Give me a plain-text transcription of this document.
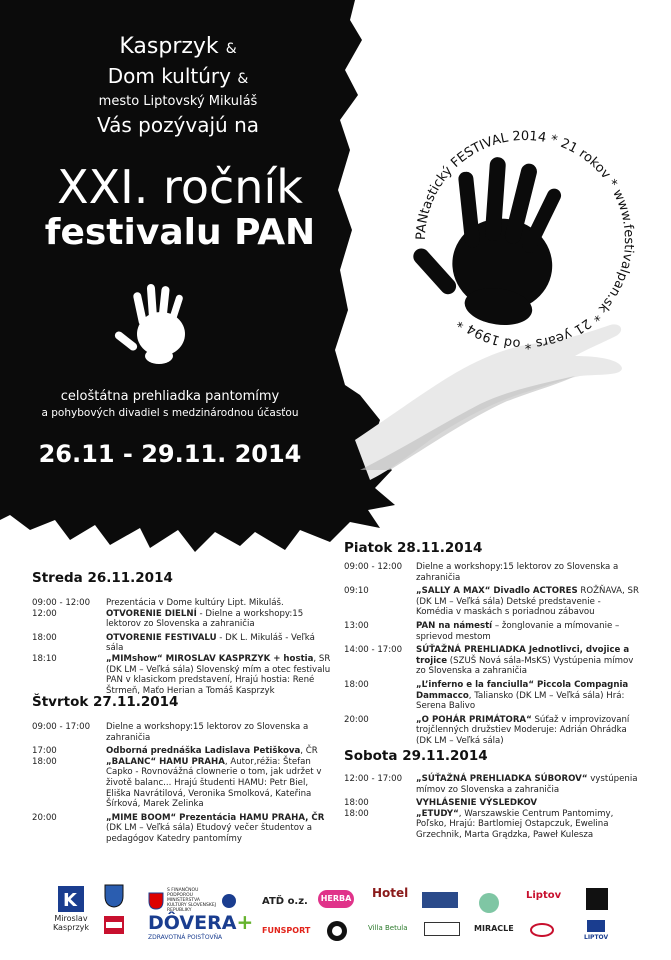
PANtastický FESTIVAL 2014 * 21 rokov * www.festivalpan.sk * 21 years * od 1994 *
Kasprzyk &
Dom kultúry &
mesto Liptovský Mikuláš
Vás pozývajú na
XXI. ročník
festivalu PAN
celoštátna prehliadka pantomímy
a pohybových divadiel s medzinárodnou účasťou
26.11 - 29.11. 2014
Streda 26.11.2014
09:00 - 12:00	Prezentácia v Dome kultúry Lipt. Mikuláš.
12:00	OTVORENIE DIELNÍ - Dielne a workshopy:15 lektorov zo Slovenska a zahraničia
18:00	OTVORENIE FESTIVALU - DK L. Mikuláš - Veľká sála
18:10	„MIMshow“ MIROSLAV KASPRZYK + hostia, SR (DK LM – Veľká sála) Slovenský mím a otec festivalu PAN v klasickom predstavení, Hrajú hostia: René Štrmeň, Maťo Herian a Tomáš Kasprzyk
Štvrtok 27.11.2014
09:00 - 17:00	Dielne a workshopy:15 lektorov zo Slovenska a zahraničia
17:00	Odborná prednáška Ladislava Petiškova, ČR
18:00	„BALANC“ HAMU PRAHA, Autor,réžia: Štefan Capko - Rovnovážná clownerie o tom, jak udržet v životě balanc... Hrajú študenti HAMU: Petr Biel, Eliška Navrátilová, Veronika Smolková, Kateřina Šírková, Marek Zelinka
20:00	„MIME BOOM“ Prezentácia HAMU PRAHA, ČR (DK LM – Veľká sála) Etudový večer študentov a pedagógov Katedry pantomímy
Piatok 28.11.2014
09:00 - 12:00	Dielne a workshopy:15 lektorov zo Slovenska a zahraničia
09:10	„SALLY A MAX“ Divadlo ACTORES ROŽŇAVA, SR (DK LM – Veľká sála) Detské predstavenie - Komédia v maskách s poriadnou zábavou
13:00	PAN na námestí – žonglovanie a mímovanie – sprievod mestom
14:00 - 17:00	SÚŤAŽNÁ PREHLIADKA Jednotlivci, dvojice a trojice (SZUŠ Nová sála-MsKS) Vystúpenia mímov zo Slovenska a zahraničia
18:00	„L’inferno e la fanciulla“ Piccola Compagnia Dammacco, Taliansko (DK LM – Veľká sála) Hrá: Serena Balivo
20:00	„O POHÁR PRIMÁTORA“ Súťaž v improvizovaní trojčlenných družstiev Moderuje: Adrián Ohrádka (DK LM – Veľká sála)
Sobota 29.11.2014
12:00 - 17:00	„SÚŤAŽNÁ PREHLIADKA SÚBOROV“ vystúpenia mímov zo Slovenska a zahraničia
18:00	VYHLÁSENIE VÝSLEDKOV
18:00	„ETUDY“, Warszawskie Centrum Pantomimy, Poľsko, Hrajú: Bartlomiej Ostapczuk, Ewelina Grzechnik, Marta Grądzka, Paweł Kulesza
K
Miroslav
Kasprzyk
S FINANČNOU PODPOROU MINISTERSTVA KULTÚRY SLOVENSKEJ REPUBLIKY
DÔVERA+
ZDRAVOTNÁ POISŤOVŇA
ATĎ o.z.
FUNSPORT
HERBA Hotel
Villa Betula	MIRACLE
Liptov
LIPTOV
